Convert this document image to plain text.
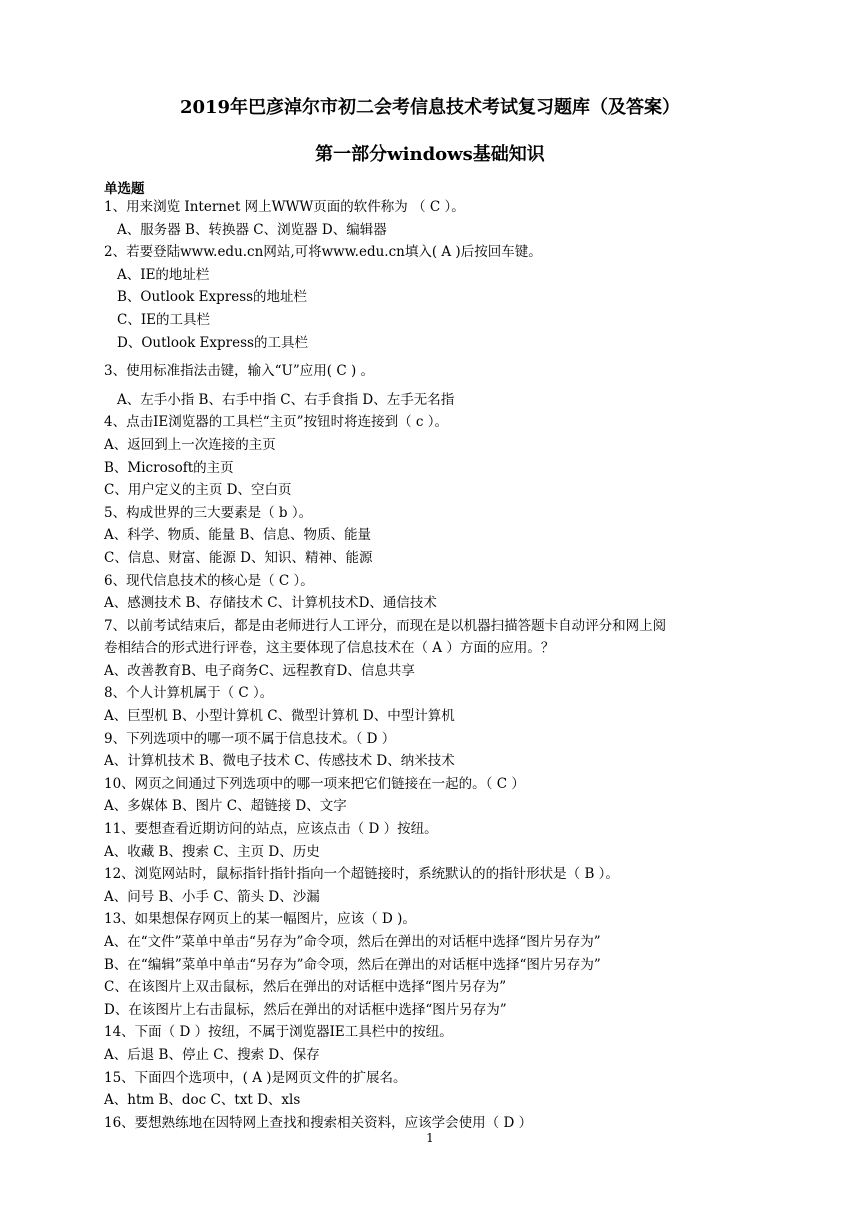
2019年巴彦淖尔市初二会考信息技术考试复习题库（及答案）
第一部分windows基础知识
单选题
1、用来浏览 Internet 网上WWW页面的软件称为 （ C ）。
A、服务器 B、转换器 C、浏览器 D、编辑器
2、若要登陆www.edu.cn网站,可将www.edu.cn填入( A )后按回车键。
A、IE的地址栏
B、Outlook Express的地址栏
C、IE的工具栏
D、Outlook Express的工具栏
3、使用标准指法击键，输入“U”应用( C ) 。
A、左手小指 B、右手中指 C、右手食指 D、左手无名指
4、点击IE浏览器的工具栏“主页”按钮时将连接到（ c ）。
A、返回到上一次连接的主页
B、Microsoft的主页
C、用户定义的主页 D、空白页
5、构成世界的三大要素是（ b ）。
A、科学、物质、能量 B、信息、物质、能量
C、信息、财富、能源 D、知识、精神、能源
6、现代信息技术的核心是（ C ）。
A、感测技术 B、存储技术 C、计算机技术D、通信技术
7、以前考试结束后，都是由老师进行人工评分，而现在是以机器扫描答题卡自动评分和网上阅
卷相结合的形式进行评卷，这主要体现了信息技术在（ A ）方面的应用。？
A、改善教育B、电子商务C、远程教育D、信息共享
8、个人计算机属于（ C ）。
A、巨型机 B、小型计算机 C、微型计算机 D、中型计算机
9、下列选项中的哪一项不属于信息技术。（ D ）
A、计算机技术 B、微电子技术 C、传感技术 D、纳米技术
10、网页之间通过下列选项中的哪一项来把它们链接在一起的。（ C ）
A、多媒体 B、图片 C、超链接 D、文字
11、要想查看近期访问的站点，应该点击（ D ）按纽。
A、收藏 B、搜索 C、主页 D、历史
12、浏览网站时，鼠标指针指针指向一个超链接时，系统默认的的指针形状是（ B ）。
A、问号 B、小手 C、箭头 D、沙漏
13、如果想保存网页上的某一幅图片，应该（ D )。
A、在“文件”菜单中单击“另存为”命令项，然后在弹出的对话框中选择“图片另存为”
B、在“编辑”菜单中单击“另存为”命令项，然后在弹出的对话框中选择“图片另存为”
C、在该图片上双击鼠标，然后在弹出的对话框中选择“图片另存为”
D、在该图片上右击鼠标，然后在弹出的对话框中选择“图片另存为”
14、下面（ D ）按纽，不属于浏览器IE工具栏中的按纽。
A、后退 B、停止 C、搜索 D、保存
15、下面四个选项中，( A )是网页文件的扩展名。
A、htm B、doc C、txt D、xls
16、要想熟练地在因特网上查找和搜索相关资料，应该学会使用（ D ）
1
